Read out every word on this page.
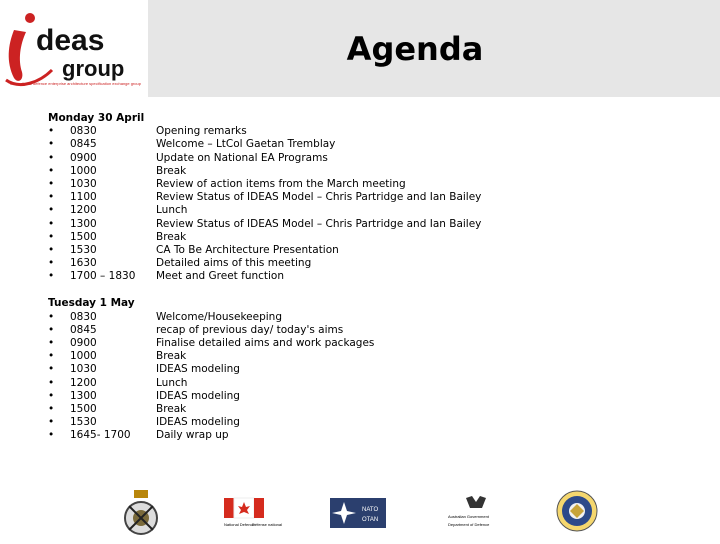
deas
group
international defence enterprise architecture specification exchange group
Agenda
Monday 30 April
• 0830	Opening remarks
• 0845	Welcome – LtCol Gaetan Tremblay
• 0900	Update on National EA Programs
• 1000	Break
• 1030	Review of action items from the March meeting
• 1100	Review Status of IDEAS Model – Chris Partridge and Ian Bailey
• 1200	Lunch
• 1300	Review Status of IDEAS Model – Chris Partridge and Ian Bailey
• 1500	Break
• 1530	CA To Be Architecture Presentation
• 1630	Detailed aims of this meeting
• 1700 – 1830 Meet and Greet function
Tuesday 1 May
• 0830	Welcome/Housekeeping
• 0845	recap of previous day/ today's aims
• 0900	Finalise detailed aims and work packages
• 1000	Break
• 1030	IDEAS modeling
• 1200	Lunch
• 1300	IDEAS modeling
• 1500	Break
• 1530	IDEAS modeling
• 1645- 1700 Daily wrap up
National Defence
Défense nationale
NATO
OTAN
Australian Government
Department of Defence
